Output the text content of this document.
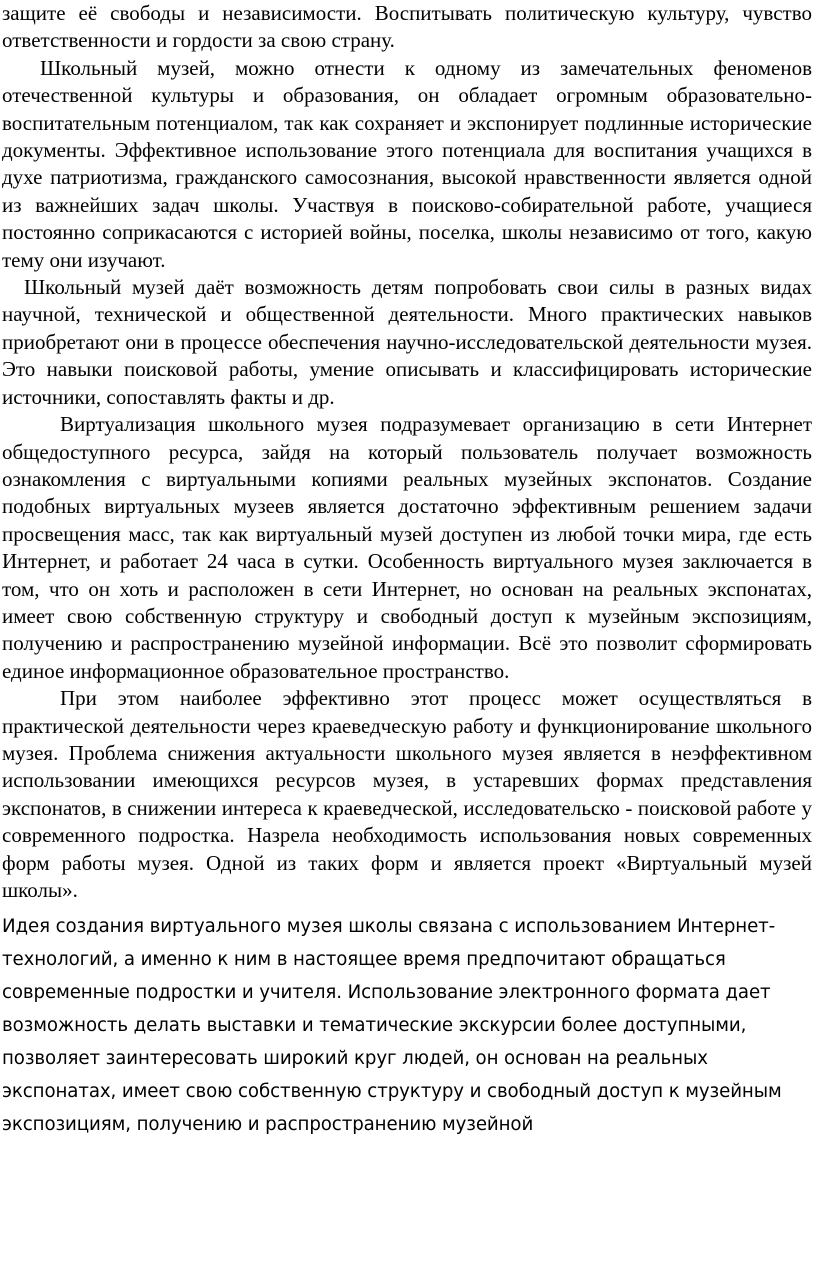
защите её свободы и независимости. Воспитывать политическую культуру, чувство ответственности и гордости за свою страну.

Школьный музей, можно отнести к одному из замечательных феноменов отечественной культуры и образования, он обладает огромным образовательно-воспитательным потенциалом, так как сохраняет и экспонирует подлинные исторические документы. Эффективное использование этого потенциала для воспитания учащихся в духе патриотизма, гражданского самосознания, высокой нравственности является одной из важнейших задач школы. Участвуя в поисково-собирательной работе, учащиеся постоянно соприкасаются с историей войны, поселка, школы независимо от того, какую тему они изучают.

Школьный музей даёт возможность детям попробовать свои силы в разных видах научной, технической и общественной деятельности. Много практических навыков приобретают они в процессе обеспечения научно-исследовательской деятельности музея. Это навыки поисковой работы, умение описывать и классифицировать исторические источники, сопоставлять факты и др.

Виртуализация школьного музея подразумевает организацию в сети Интернет общедоступного ресурса, зайдя на который пользователь получает возможность ознакомления с виртуальными копиями реальных музейных экспонатов. Создание подобных виртуальных музеев является достаточно эффективным решением задачи просвещения масс, так как виртуальный музей доступен из любой точки мира, где есть Интернет, и работает 24 часа в сутки. Особенность виртуального музея заключается в том, что он хоть и расположен в сети Интернет, но основан на реальных экспонатах, имеет свою собственную структуру и свободный доступ к музейным экспозициям, получению и распространению музейной информации. Всё это позволит сформировать единое информационное образовательное пространство.

При этом наиболее эффективно этот процесс может осуществляться в практической деятельности через краеведческую работу и функционирование школьного музея. Проблема снижения актуальности школьного музея является в неэффективном использовании имеющихся ресурсов музея, в устаревших формах представления экспонатов, в снижении интереса к краеведческой, исследовательско - поисковой работе у современного подростка. Назрела необходимость использования новых современных форм работы музея. Одной из таких форм и является проект «Виртуальный музей школы».

Идея создания виртуального музея школы связана с использованием Интернет-технологий, а именно к ним в настоящее время предпочитают обращаться современные подростки и учителя. Использование электронного формата дает возможность делать выставки и тематические экскурсии более доступными, позволяет заинтересовать широкий круг людей, он основан на реальных экспонатах, имеет свою собственную структуру и свободный доступ к музейным экспозициям, получению и распространению музейной
